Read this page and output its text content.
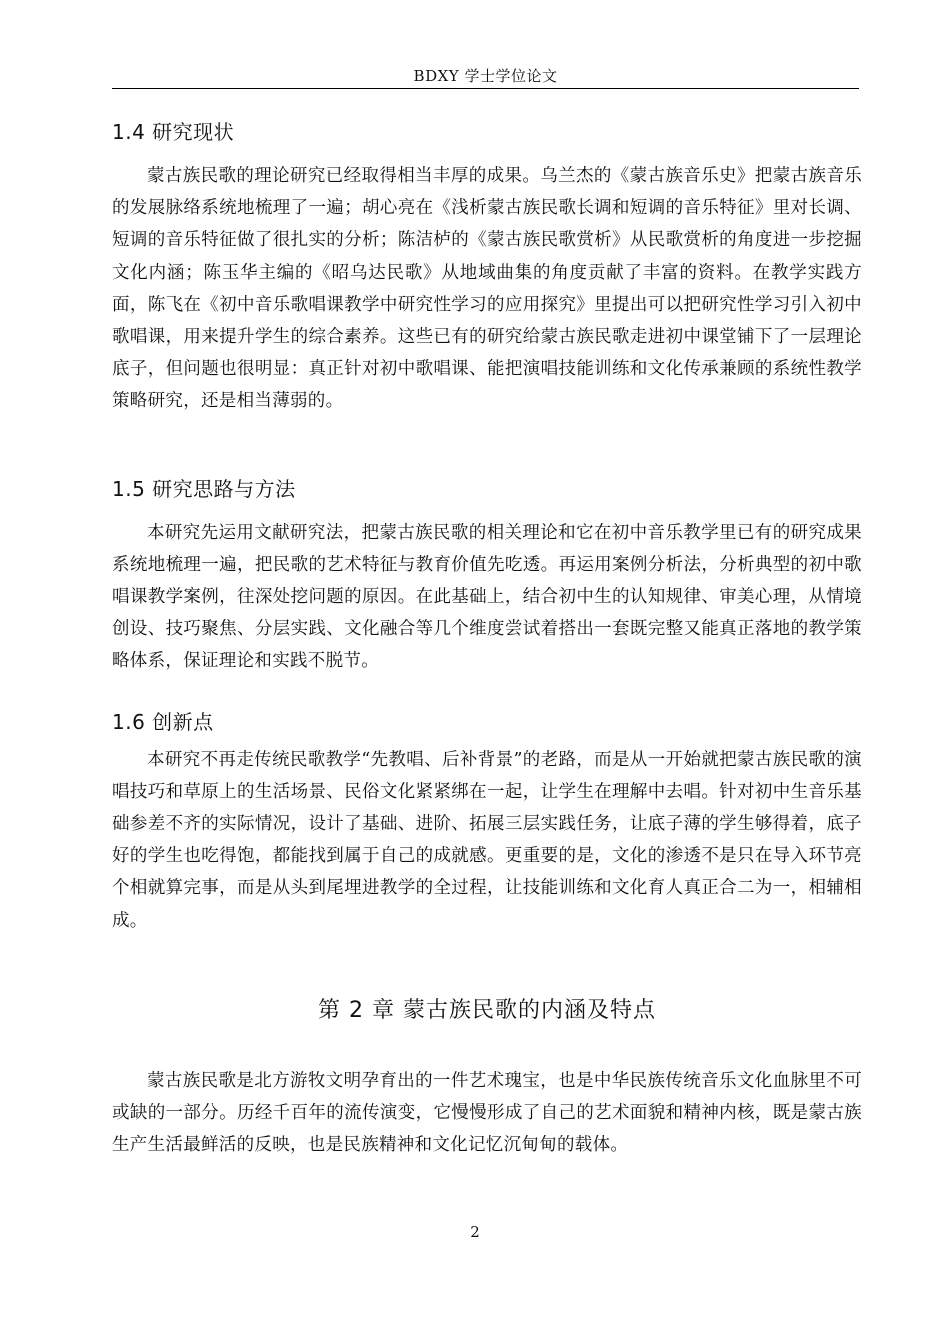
BDXY 学士学位论文
1.4 研究现状

蒙古族民歌的理论研究已经取得相当丰厚的成果。乌兰杰的《蒙古族音乐史》把蒙古族音乐的发展脉络系统地梳理了一遍；胡心亮在《浅析蒙古族民歌长调和短调的音乐特征》里对长调、短调的音乐特征做了很扎实的分析；陈洁栌的《蒙古族民歌赏析》从民歌赏析的角度进一步挖掘文化内涵；陈玉华主编的《昭乌达民歌》从地域曲集的角度贡献了丰富的资料。在教学实践方面，陈飞在《初中音乐歌唱课教学中研究性学习的应用探究》里提出可以把研究性学习引入初中歌唱课，用来提升学生的综合素养。这些已有的研究给蒙古族民歌走进初中课堂铺下了一层理论底子，但问题也很明显：真正针对初中歌唱课、能把演唱技能训练和文化传承兼顾的系统性教学策略研究，还是相当薄弱的。

1.5 研究思路与方法

本研究先运用文献研究法，把蒙古族民歌的相关理论和它在初中音乐教学里已有的研究成果系统地梳理一遍，把民歌的艺术特征与教育价值先吃透。再运用案例分析法，分析典型的初中歌唱课教学案例，往深处挖问题的原因。在此基础上，结合初中生的认知规律、审美心理，从情境创设、技巧聚焦、分层实践、文化融合等几个维度尝试着搭出一套既完整又能真正落地的教学策略体系，保证理论和实践不脱节。

1.6 创新点

本研究不再走传统民歌教学“先教唱、后补背景”的老路，而是从一开始就把蒙古族民歌的演唱技巧和草原上的生活场景、民俗文化紧紧绑在一起，让学生在理解中去唱。针对初中生音乐基础参差不齐的实际情况，设计了基础、进阶、拓展三层实践任务，让底子薄的学生够得着，底子好的学生也吃得饱，都能找到属于自己的成就感。更重要的是，文化的渗透不是只在导入环节亮个相就算完事，而是从头到尾埋进教学的全过程，让技能训练和文化育人真正合二为一，相辅相成。

第 2 章 蒙古族民歌的内涵及特点

蒙古族民歌是北方游牧文明孕育出的一件艺术瑰宝，也是中华民族传统音乐文化血脉里不可或缺的一部分。历经千百年的流传演变，它慢慢形成了自己的艺术面貌和精神内核，既是蒙古族生产生活最鲜活的反映，也是民族精神和文化记忆沉甸甸的载体。

2
